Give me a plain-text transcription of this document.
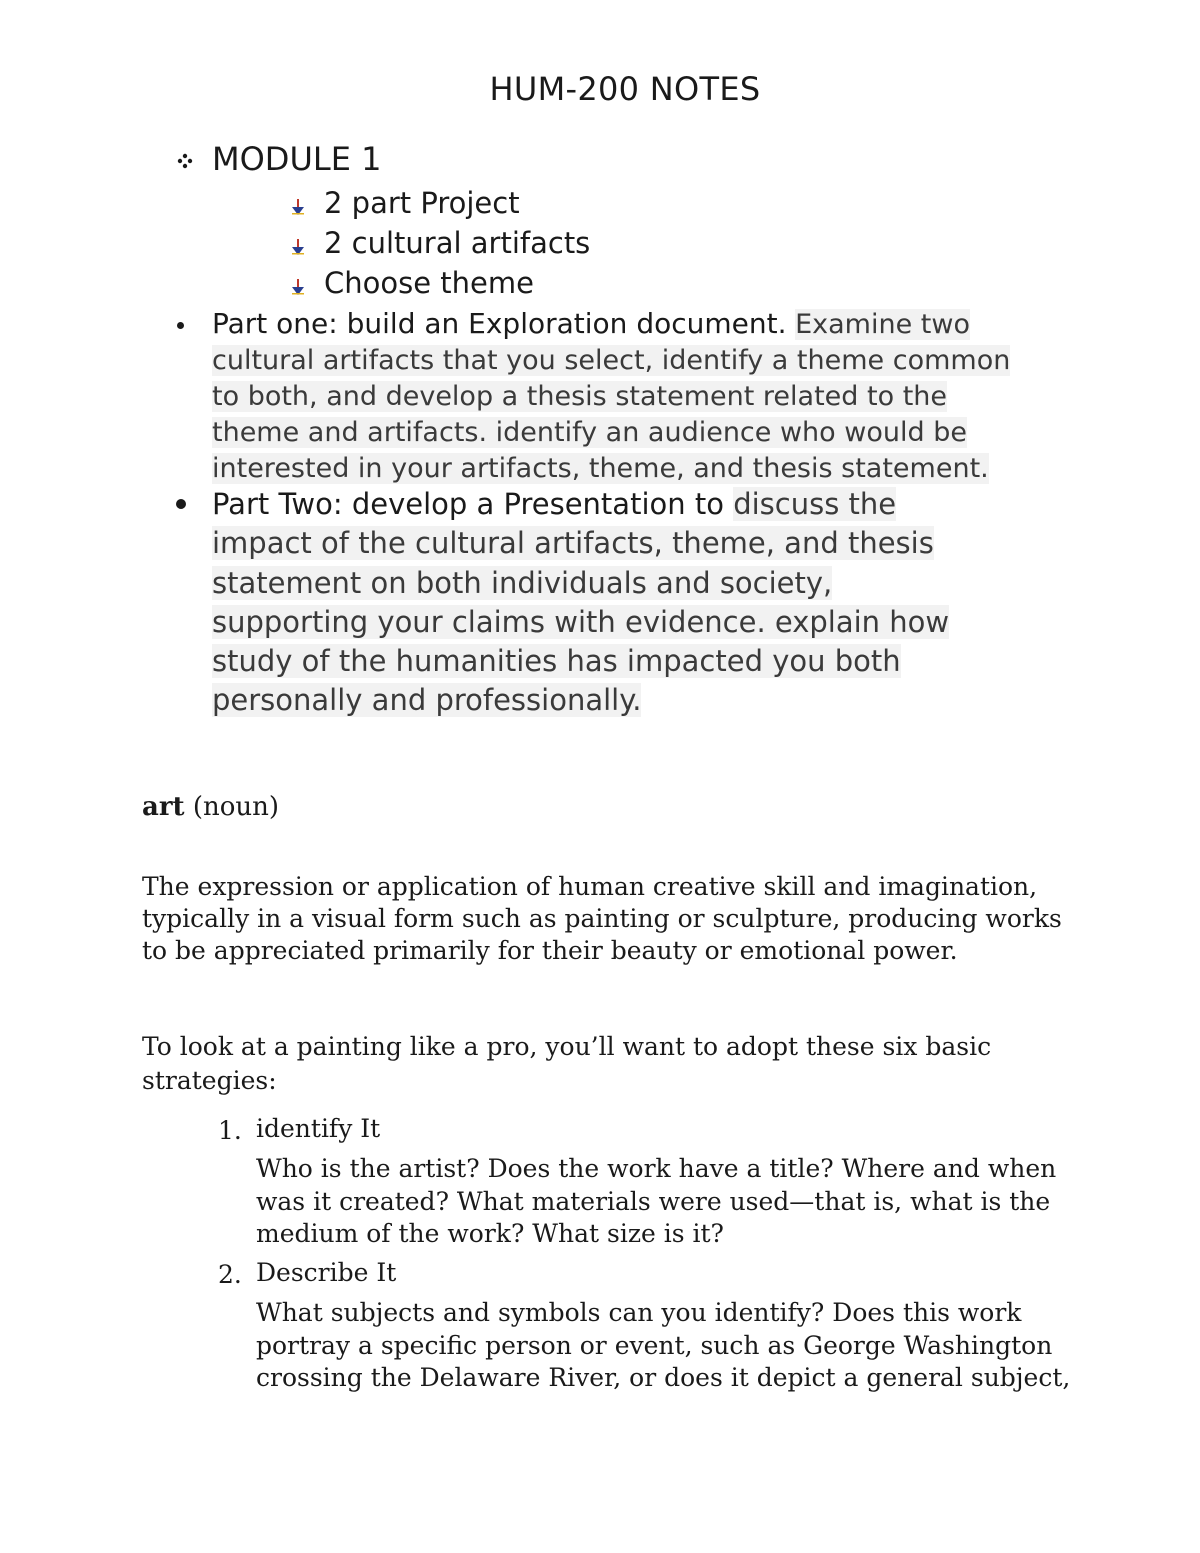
HUM-200 NOTES
MODULE 1
2 part Project
2 cultural artifacts
Choose theme
Part one: build an Exploration document. Examine two
cultural artifacts that you select, identify a theme common
to both, and develop a thesis statement related to the
theme and artifacts. identify an audience who would be
interested in your artifacts, theme, and thesis statement.
Part Two: develop a Presentation to discuss the
impact of the cultural artifacts, theme, and thesis
statement on both individuals and society,
supporting your claims with evidence. explain how
study of the humanities has impacted you both
personally and professionally.
art (noun)
The expression or application of human creative skill and imagination,
typically in a visual form such as painting or sculpture, producing works
to be appreciated primarily for their beauty or emotional power.
To look at a painting like a pro, you’ll want to adopt these six basic
strategies:
1. identify It
Who is the artist? Does the work have a title? Where and when
was it created? What materials were used—that is, what is the
medium of the work? What size is it?
2. Describe It
What subjects and symbols can you identify? Does this work
portray a specific person or event, such as George Washington
crossing the Delaware River, or does it depict a general subject,
